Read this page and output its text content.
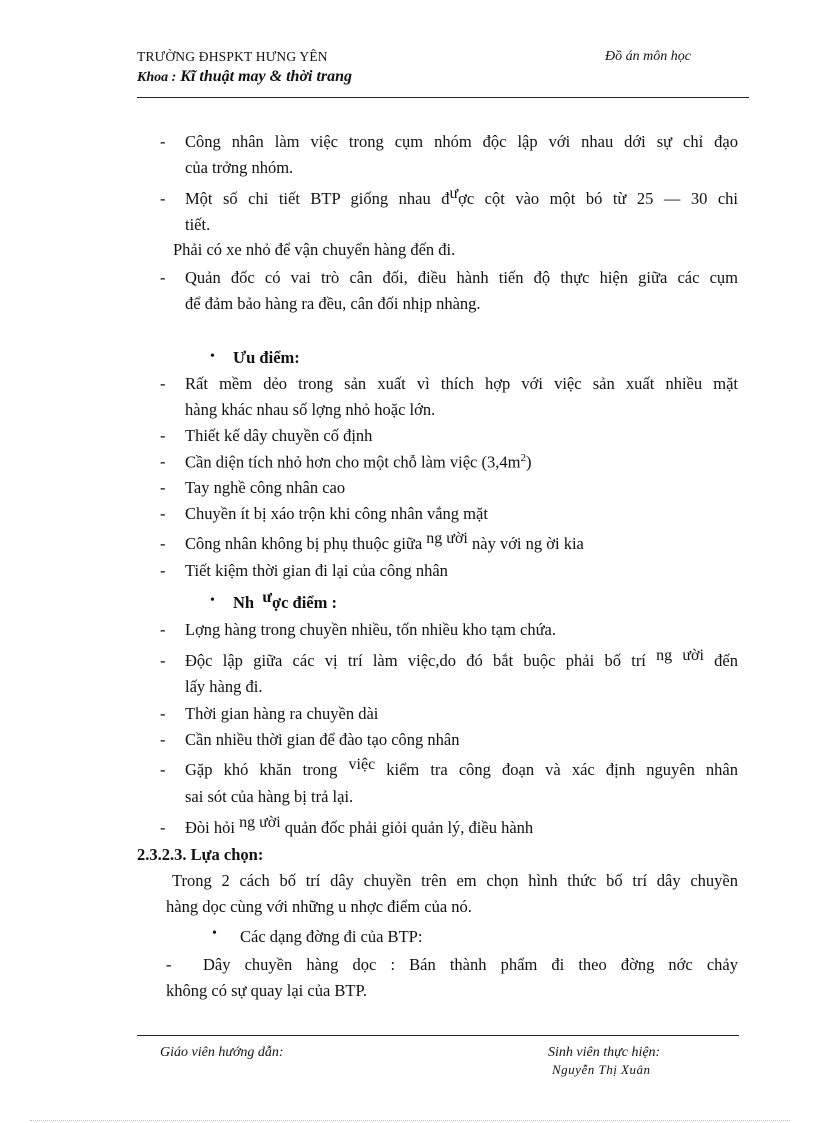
TRƯỜNG ĐHSPKT HƯNG YÊN
Khoa : Kĩ thuật may & thời trang
Đồ án môn học
- Công nhân làm việc trong cụm nhóm độc lập với nhau dới sự chỉ đạo
của trởng nhóm.
- Một số chi tiết BTP giống nhau được cột vào một bó từ 25 — 30 chi
tiết.
Phải có xe nhỏ để vận chuyển hàng đến đi.
- Quản đốc có vai trò cân đối, điều hành tiến độ thực hiện giữa các cụm
để đảm bảo hàng ra đều, cân đối nhịp nhàng.
• Ưu điểm:
- Rất mềm dẻo trong sản xuất vì thích hợp với việc sản xuất nhiều mặt
hàng khác nhau số lợng nhỏ hoặc lớn.
- Thiết kế dây chuyền cố định
- Cần diện tích nhỏ hơn cho một chỗ làm việc $(3,4m^2)$
- Tay nghề công nhân cao
- Chuyền ít bị xáo trộn khi công nhân vắng mặt
- Công nhân không bị phụ thuộc giữa ng ười này với ng ời kia
- Tiết kiệm thời gian đi lại của công nhân
• Nh ược điểm :
- Lợng hàng trong chuyền nhiều, tốn nhiều kho tạm chứa.
- Độc lập giữa các vị trí làm việc,do đó bắt buộc phải bố trí ng ười đến
lấy hàng đi.
- Thời gian hàng ra chuyền dài
- Cần nhiều thời gian để đào tạo công nhân
- Gặp khó khăn trong việc kiểm tra công đoạn và xác định nguyên nhân
sai sót của hàng bị trả lại.
- Đòi hỏi ng ười quản đốc phải giỏi quản lý, điều hành
2.3.2.3. Lựa chọn:
Trong 2 cách bố trí dây chuyền trên em chọn hình thức bố trí dây chuyền
hàng dọc cùng với những u nhợc điểm của nó.
• Các dạng đờng đi của BTP:
- Dây chuyền hàng dọc : Bán thành phẩm đi theo đờng nớc chảy
không có sự quay lại của BTP.
Giáo viên hướng dẫn:	Sinh viên thực hiện:
Nguyễn Thị Xuân
